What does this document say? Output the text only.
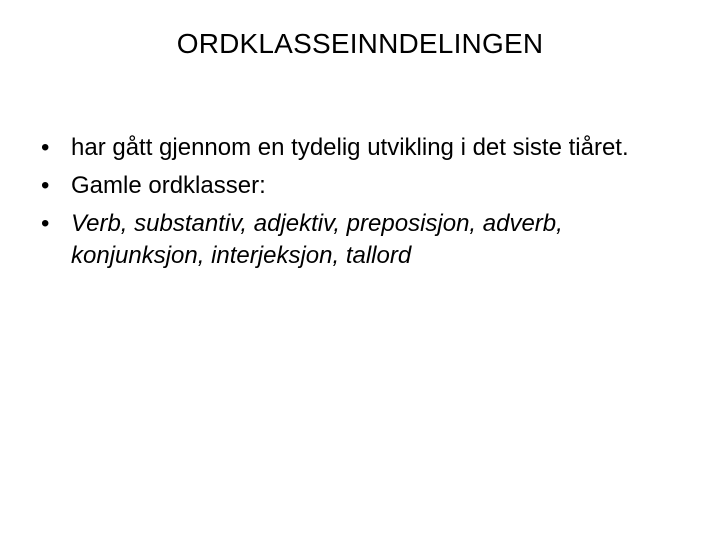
ORDKLASSEINNDELINGEN
• har gått gjennom en tydelig utvikling i det siste tiåret.
• Gamle ordklasser:
• Verb, substantiv, adjektiv, preposisjon, adverb, konjunksjon, interjeksjon, tallord
